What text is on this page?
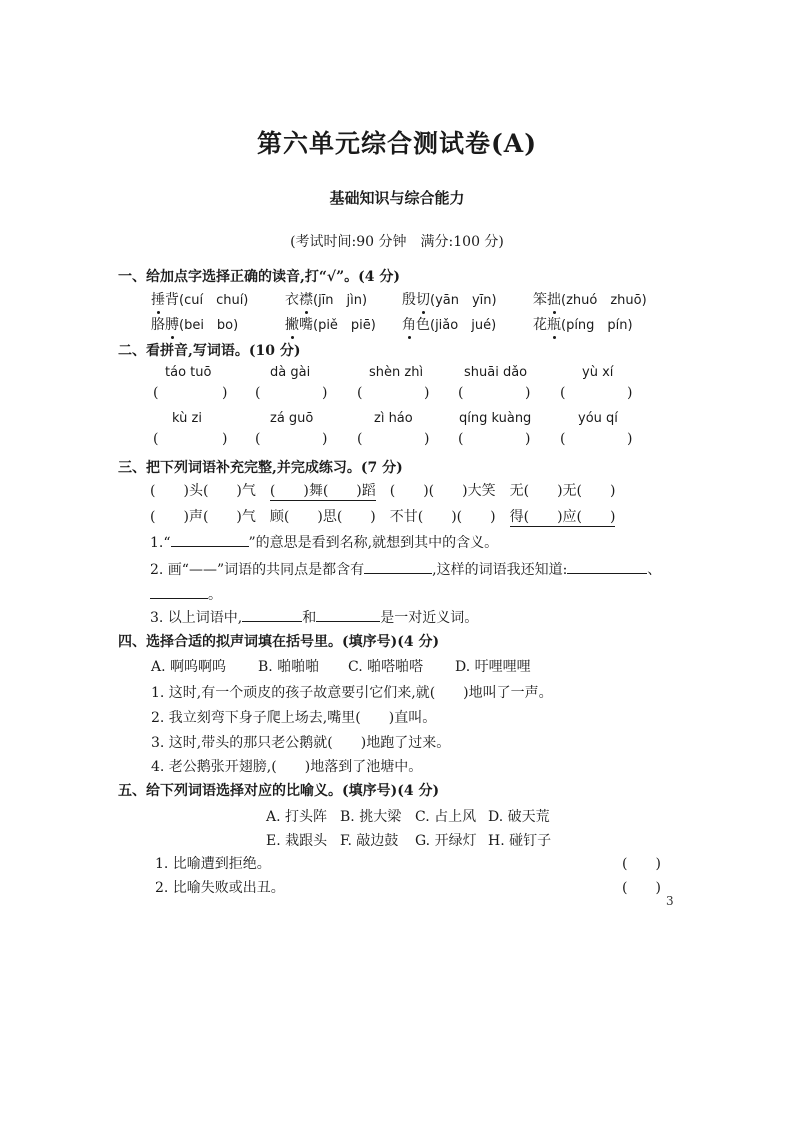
第六单元综合测试卷(A)
基础知识与综合能力
(考试时间:90 分钟　满分:100 分)
一、给加点字选择正确的读音,打“√”。(4 分)
捶背(cuí　chuí)	衣襟(jīn　jìn) 殷切(yān　yīn)	笨拙(zhuó　zhuō)
胳膊(bei　bo)	撇嘴(piě　piē) 角色(jiǎo　jué)	花瓶(píng　pín)
二、看拼音,写词语。(10 分)
táo tuō	dà gài	shèn zhì	shuāi dǎo	yù xí
(	) (	) (	) (	) (	)
kù zi	zá guō	zì háo	qíng kuàng	yóu qí
(	) (	) (	) (	) (	)
三、把下列词语补充完整,并完成练习。(7 分)
(　　)头(　　)气　 (　　)舞(　　)蹈　(　　)(　　)大笑　 无(　　)无(　　)
(　　)声(　　)气　 顾(　　)思(　　)　不甘(　　)(　　)　得(　　)应(　　)
1.“	”的意思是看到名称,就想到其中的含义。
2. 画“——”词语的共同点是都含有	,这样的词语我还知道:	、
。
3. 以上词语中,	和	是一对近义词。
四、选择合适的拟声词填在括号里。(填序号)(4 分)
A. 啊呜啊呜 B. 啪啪啪 C. 啪嗒啪嗒 D. 吁哩哩哩
1. 这时,有一个顽皮的孩子故意要引它们来,就(　　 )地叫了一声。
2. 我立刻弯下身子爬上场去,嘴里(　　 )直叫。
3. 这时,带头的那只老公鹅就(　　 )地跑了过来。
4. 老公鹅张开翅膀,(　　 )地落到了池塘中。
五、给下列词语选择对应的比喻义。(填序号)(4 分)
A. 打头阵 B. 挑大梁 C. 占上风 D. 破天荒
E. 栽跟头 F. 敲边鼓 G. 开绿灯 H. 碰钉子
1. 比喻遭到拒绝。	(　　)
2. 比喻失败或出丑。	(　　)
3
